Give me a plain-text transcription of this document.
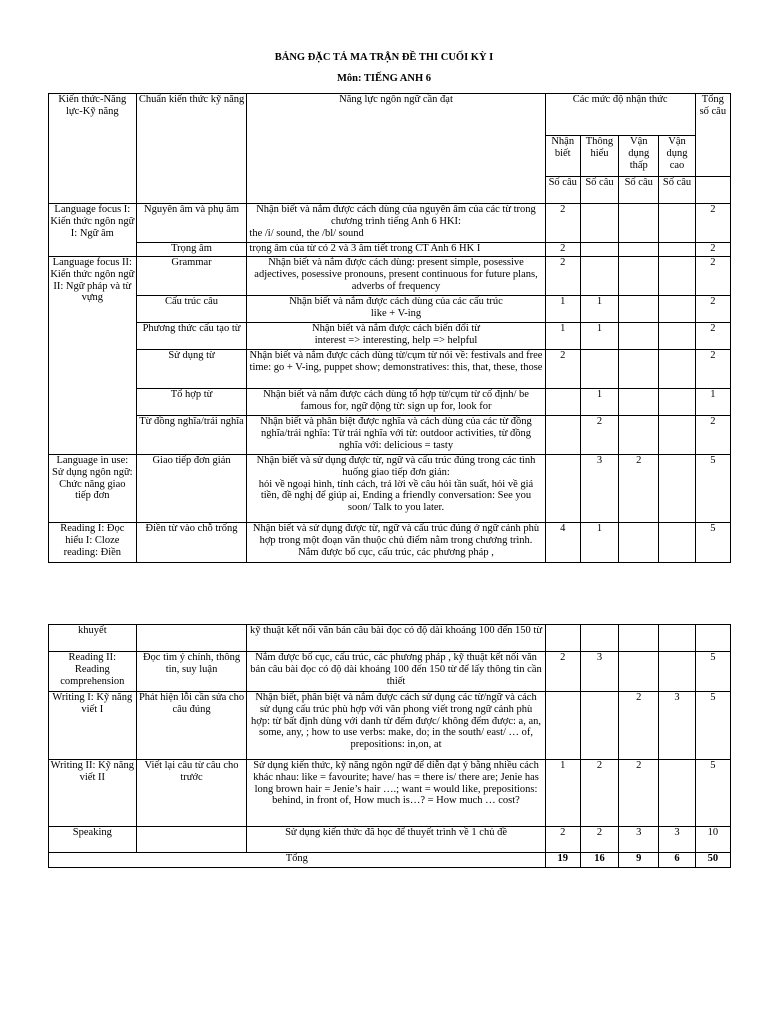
BẢNG ĐẶC TẢ MA TRẬN ĐỀ THI CUỐI KỲ I
Môn: TIẾNG ANH 6
Kiến thức-Năng lực-Kỹ năng	Chuẩn kiến thức kỹ năng	Năng lực ngôn ngữ cần đạt	Các mức độ nhận thức				Tổng số câu
			Nhận biết	Thông hiểu	Vận dụng thấp	Vận dụng cao	
			Số câu	Số câu	Số câu	Số câu	
Language focus I: Kiến thức ngôn ngữ I: Ngữ âm	Nguyên âm và phụ âm	Nhận biết và nắm được cách dùng của nguyên âm của các từ trong chương trình tiếng Anh 6 HKI:
the /i/ sound, the /bl/ sound	2				2
	Trọng âm	trọng âm của từ có 2 và 3 âm tiết trong CT Anh 6 HK I	2				2
Language focus II: Kiến thức ngôn ngữ II: Ngữ pháp và từ vựng	Grammar	Nhận biết và nắm được cách dùng: present simple, posessive adjectives, posessive pronouns, present continuous for future plans, adverbs of frequency	2				2
	Cấu trúc câu	Nhận biết và nắm được cách dùng của các cấu trúc
like + V-ing	1	1			2
	Phương thức cấu tạo từ	Nhận biết và nắm được cách biến đổi từ
interest => interesting, help => helpful	1	1			2
	Sử dụng từ	Nhận biết và nắm được cách dùng từ/cụm từ nói về: festivals and free time: go + V-ing, puppet show; demonstratives: this, that, these, those	2				2
	Tổ hợp từ	Nhận biết và nắm được cách dùng tổ hợp từ/cụm từ cố định/ be famous for, ngữ động từ: sign up for, look for		1			1
	Từ đồng nghĩa/trái nghĩa	Nhận biết và phân biệt được nghĩa và cách dùng của các từ đồng nghĩa/trái nghĩa: Từ trái nghĩa với từ: outdoor activities, từ đồng nghĩa với: delicious = tasty		2			2
Language in use: Sử dụng ngôn ngữ: Chức năng giao tiếp đơn	Giao tiếp đơn giản	Nhận biết và sử dụng được từ, ngữ và cấu trúc đúng trong các tình huống giao tiếp đơn giản:
hỏi về ngoại hình, tính cách, trả lời về câu hỏi tần suất, hỏi về giá tiền, đề nghị để giúp ai, Ending a friendly conversation: See you soon/ Talk to you later.		3	2		5
Reading I: Đọc hiểu I: Cloze reading: Điền	Điền từ vào chỗ trống	Nhận biết và sử dụng được từ, ngữ và cấu trúc đúng ở ngữ cảnh phù hợp trong một đoạn văn thuộc chủ điểm nằm trong chương trình. Nắm được bố cục, cấu trúc, các phương pháp ,	4	1			5
khuyết		kỹ thuật kết nối văn bản câu bài đọc có độ dài khoảng 100 đến 150 từ					
Reading II: Reading comprehension	Đọc tìm ý chính, thông tin, suy luận	Nắm được bố cục, cấu trúc, các phương pháp , kỹ thuật kết nối văn bản câu bài đọc có độ dài khoảng 100 đến 150 từ để lấy thông tin cần thiết	2	3			5
Writing I: Kỹ năng viết I	Phát hiện lỗi cần sửa cho câu đúng	Nhận biết, phân biệt và nắm được cách sử dụng các từ/ngữ và cách sử dụng cấu trúc phù hợp với văn phong viết trong ngữ cảnh phù hợp: từ bất định dùng với danh từ đếm được/ không đếm được: a, an, some, any, ; how to use verbs: make, do; in the south/ east/ … of, prepositions: in,on, at			2	3	5
Writing II: Kỹ năng viết II	Viết lại câu từ câu cho trước	Sử dụng kiến thức, kỹ năng ngôn ngữ để diễn đạt ý bằng nhiều cách khác nhau: like = favourite; have/ has = there is/ there are; Jenie has long brown hair = Jenie’s hair ….; want = would like, prepositions: behind, in front of, How much is…? = How much … cost?	1	2	2		5
Speaking		Sử dụng kiến thức đã học để thuyết trình về 1 chủ đề	2	2	3	3	10
Tổng			19	16	9	6	50
